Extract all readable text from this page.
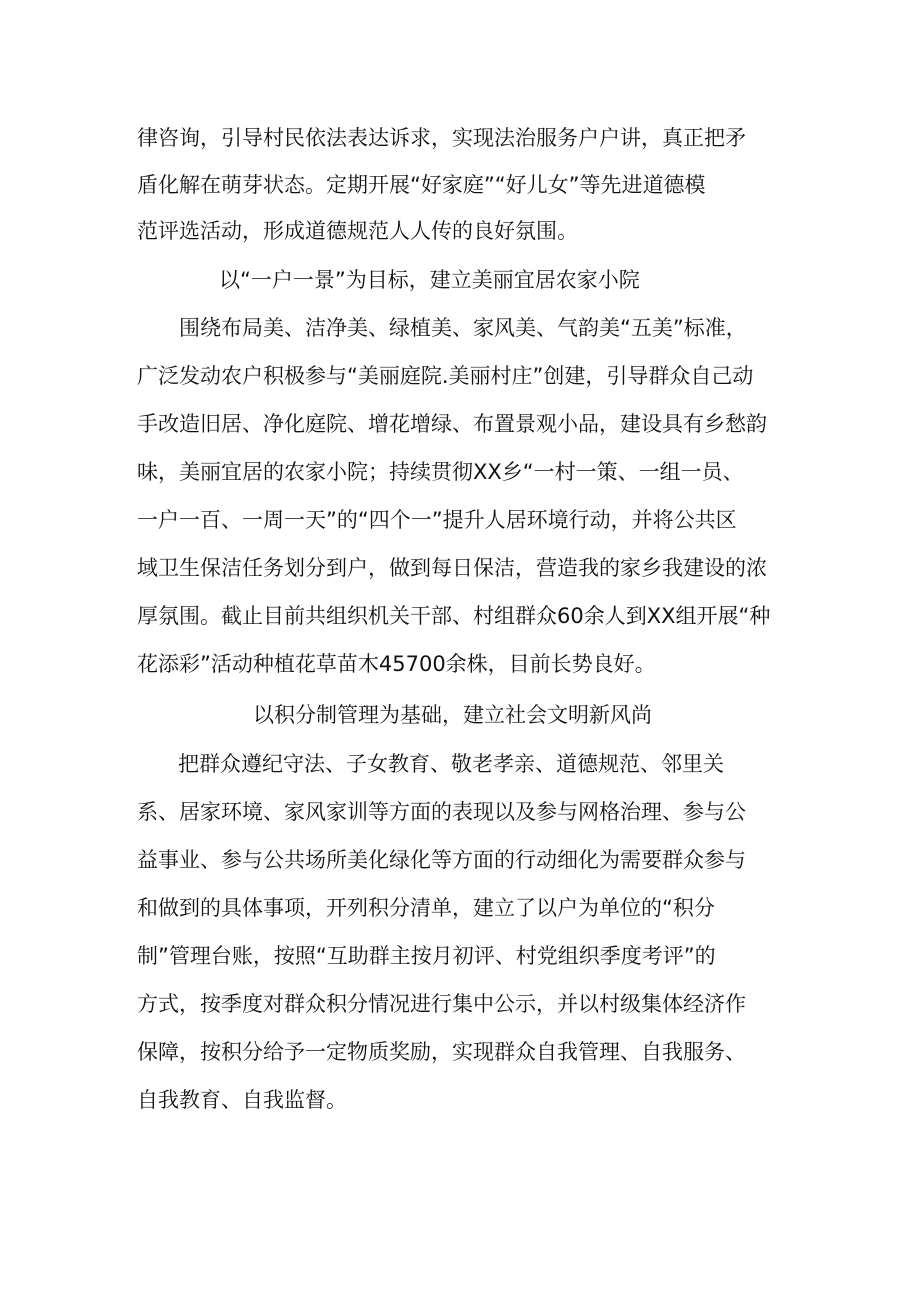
律咨询，引导村民依法表达诉求，实现法治服务户户讲，真正把矛
盾化解在萌芽状态。定期开展“好家庭”“好儿女”等先进道德模
范评选活动，形成道德规范人人传的良好氛围。
以“一户一景”为目标，建立美丽宜居农家小院
围绕布局美、洁净美、绿植美、家风美、气韵美“五美”标准，
广泛发动农户积极参与“美丽庭院.美丽村庄”创建，引导群众自己动
手改造旧居、净化庭院、增花增绿、布置景观小品，建设具有乡愁韵
味，美丽宜居的农家小院；持续贯彻XX乡“一村一策、一组一员、
一户一百、一周一天”的“四个一”提升人居环境行动，并将公共区
域卫生保洁任务划分到户，做到每日保洁，营造我的家乡我建设的浓
厚氛围。截止目前共组织机关干部、村组群众60余人到XX组开展“种
花添彩”活动种植花草苗木45700余株，目前长势良好。
以积分制管理为基础，建立社会文明新风尚
把群众遵纪守法、子女教育、敬老孝亲、道德规范、邻里关
系、居家环境、家风家训等方面的表现以及参与网格治理、参与公
益事业、参与公共场所美化绿化等方面的行动细化为需要群众参与
和做到的具体事项，开列积分清单，建立了以户为单位的“积分
制”管理台账，按照“互助群主按月初评、村党组织季度考评”的
方式，按季度对群众积分情况进行集中公示，并以村级集体经济作
保障，按积分给予一定物质奖励，实现群众自我管理、自我服务、
自我教育、自我监督。
